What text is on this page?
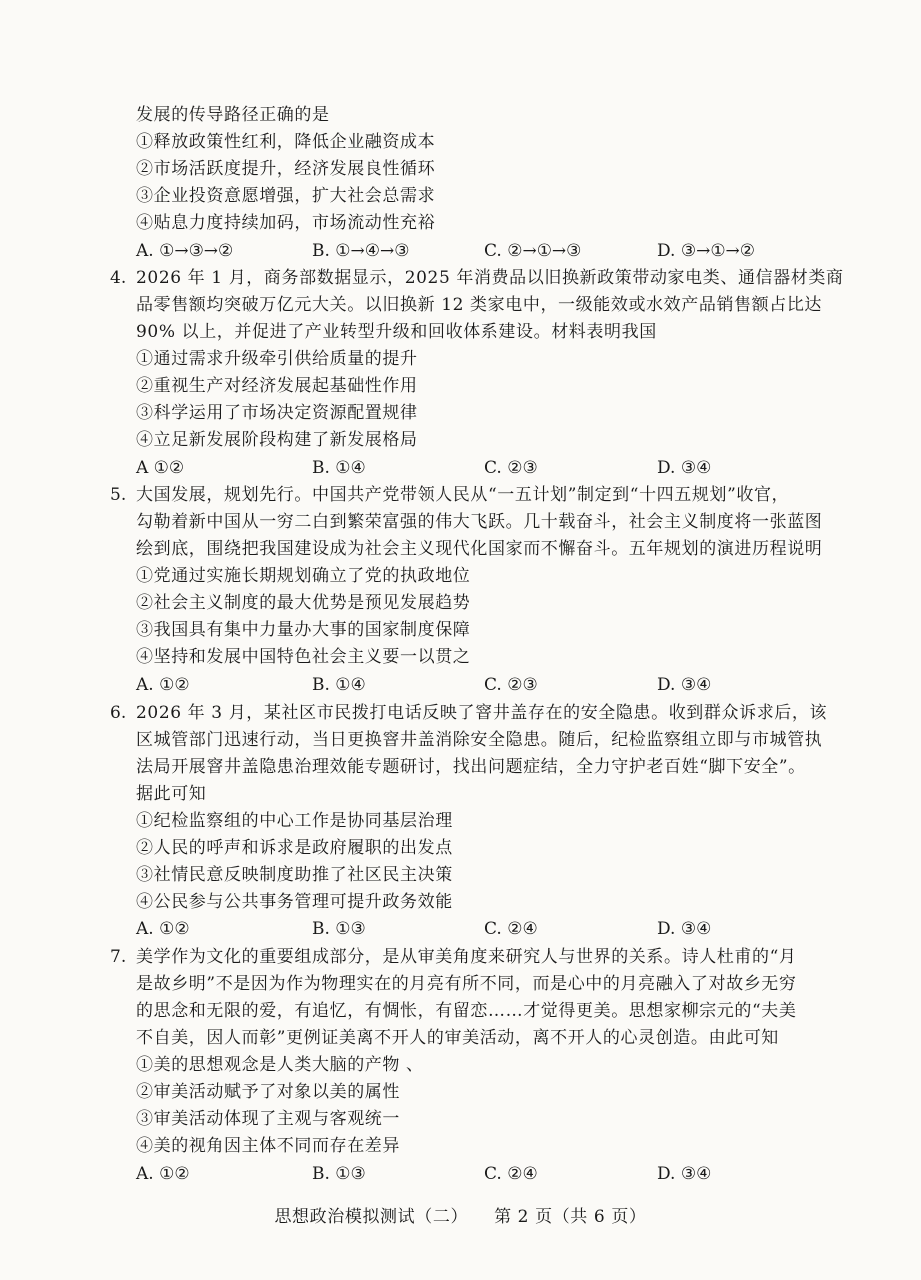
发展的传导路径正确的是
①释放政策性红利，降低企业融资成本
②市场活跃度提升，经济发展良性循环
③企业投资意愿增强，扩大社会总需求
④贴息力度持续加码，市场流动性充裕
A. ①→③→②	B. ①→④→③	C. ②→①→③	D. ③→①→②
4. 2026 年 1 月，商务部数据显示，2025 年消费品以旧换新政策带动家电类、通信器材类商
品零售额均突破万亿元大关。以旧换新 12 类家电中，一级能效或水效产品销售额占比达
90% 以上，并促进了产业转型升级和回收体系建设。材料表明我国
①通过需求升级牵引供给质量的提升
②重视生产对经济发展起基础性作用
③科学运用了市场决定资源配置规律
④立足新发展阶段构建了新发展格局
A ①②	B. ①④	C. ②③	D. ③④
5. 大国发展，规划先行。中国共产党带领人民从“一五计划”制定到“十四五规划”收官，
勾勒着新中国从一穷二白到繁荣富强的伟大飞跃。几十载奋斗，社会主义制度将一张蓝图
绘到底，围绕把我国建设成为社会主义现代化国家而不懈奋斗。五年规划的演进历程说明
①党通过实施长期规划确立了党的执政地位
②社会主义制度的最大优势是预见发展趋势
③我国具有集中力量办大事的国家制度保障
④坚持和发展中国特色社会主义要一以贯之
A. ①②	B. ①④	C. ②③	D. ③④
6. 2026 年 3 月，某社区市民拨打电话反映了窨井盖存在的安全隐患。收到群众诉求后，该
区城管部门迅速行动，当日更换窨井盖消除安全隐患。随后，纪检监察组立即与市城管执
法局开展窨井盖隐患治理效能专题研讨，找出问题症结，全力守护老百姓“脚下安全”。
据此可知
①纪检监察组的中心工作是协同基层治理
②人民的呼声和诉求是政府履职的出发点
③社情民意反映制度助推了社区民主决策
④公民参与公共事务管理可提升政务效能
A. ①②	B. ①③	C. ②④	D. ③④
7. 美学作为文化的重要组成部分，是从审美角度来研究人与世界的关系。诗人杜甫的“月
是故乡明”不是因为作为物理实在的月亮有所不同，而是心中的月亮融入了对故乡无穷
的思念和无限的爱，有追忆，有惆怅，有留恋……才觉得更美。思想家柳宗元的“夫美
不自美，因人而彰”更例证美离不开人的审美活动，离不开人的心灵创造。由此可知
①美的思想观念是人类大脑的产物 、
②审美活动赋予了对象以美的属性
③审美活动体现了主观与客观统一
④美的视角因主体不同而存在差异
A. ①②	B. ①③	C. ②④	D. ③④
思想政治模拟测试（二） 第 2 页（共 6 页）
